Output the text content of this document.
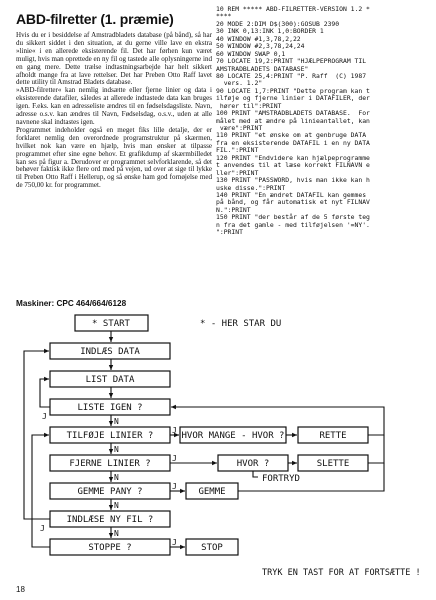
ABD-filretter (1. præmie)

Hvis du er i besiddelse af Amstradbladets database (på bånd), så har du sikkert siddet i den situation, at du gerne ville lave en ekstra »linie« i en allerede eksisterende fil. Det har førhen kun været muligt, hvis man oprettede en ny fil og tastede alle oplysningerne ind en gang mere. Dette trælse indtastningsarbejde har helt sikkert afholdt mange fra at lave rettelser. Det har Preben Otto Raff lavet dette utility til Amstrad Bladets database.

»ABD-filretter« kan nemlig indsætte eller fjerne linier og data i eksisterende datafiler, således at allerede indtastede data kan bruges igen. F.eks. kan en adresseliste ændres til en fødselsdagsliste. Navn, adresse o.s.v. kan ændres til Navn, Fødselsdag, o.s.v., uden at alle navnene skal indtastes igen.

Programmet indeholder også en meget fiks lille detalje, der er forklaret nemlig den overordnede programstruktur på skærmen, hvilket nok kan være en hjælp, hvis man ønsker at tilpasse programmet efter sine egne behov. Et grafikdump af skærmbilledet kan ses på figur a. Derudover er programmet selvforklarende, så det behøver faktisk ikke flere ord med på vejen, ud over at sige til lykke til Preben Otto Raff i Hellerup, og så ønske ham god fornøjelse med de 750,00 kr. for programmet.

Maskiner: CPC 464/664/6128
10 REM ***** ABD-FILRETTER-VERSION 1.2 *
****
20 MODE 2:DIM D$(300):GOSUB 2390
30 INK 0,13:INK 1,0:BORDER 1
40 WINDOW #1,3,78,2,22
50 WINDOW #2,3,78,24,24
60 WINDOW SWAP 0,1
70 LOCATE 19,2:PRINT "HJÆLPEPROGRAM TIL
AMSTRADBLADETS DATABASE"
80 LOCATE 25,4:PRINT "P. Raff  (C) 1987
vers. 1.2"
90 LOCATE 1,7:PRINT "Dette program kan t
ilføje og fjerne linier i DATAFILER, der
hører til":PRINT
100 PRINT "AMSTRADBLADETS DATABASE.  For
målet med at ændre på linieantallet, kan
være":PRINT
110 PRINT "et ønske om at genbruge DATA
fra en eksisterende DATAFIL i en ny DATA
FIL.":PRINT
120 PRINT "Endvidere kan hjælpeprogramme
t anvendes til at læse korrekt FILNAVN e
ller":PRINT
130 PRINT "PASSWORD, hvis man ikke kan h
uske disse.":PRINT
140 PRINT "En ændret DATAFIL kan gemmes
på bånd, og får automatisk et nyt FILNAV
N.":PRINT
150 PRINT "der består af de 5 første teg
n fra det gamle - med tilføjelsen '=NY'.
":PRINT
* START	* - HER STAR DU
INDLÆS DATA
LIST DATA
LISTE IGEN ?
TILFØJE LINIER ?	HVOR MANGE - HVOR ?	RETTE
FJERNE LINIER ?	HVOR ?	SLETTE
FORTRYD
GEMME PANY ?	GEMME
INDLÆSE NY FIL ?
STOPPE ?	STOP
N
N
N
N
N
J
J
J
J
J
J
TRYK EN TAST FOR AT FORTSÆTTE !
18
